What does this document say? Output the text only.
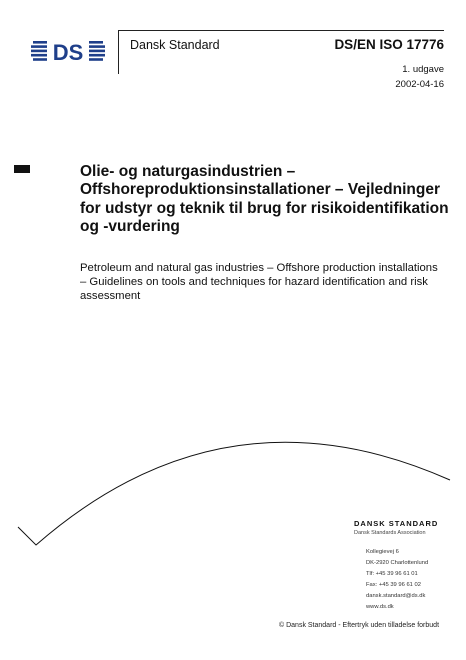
DS	Dansk Standard	DS/EN ISO 17776
1. udgave
2002-04-16
Olie- og naturgasindustrien – Offshoreproduktionsinstallationer – Vejledninger for udstyr og teknik til brug for risikoidentifikation og -vurdering
Petroleum and natural gas industries – Offshore production installations – Guidelines on tools and techniques for hazard identification and risk assessment
DANSK STANDARD
Dansk Standards Association
Kollegievej 6
DK-2920 Charlottenlund
Tlf: +45 39 96 61 01
Fax: +45 39 96 61 02
dansk.standard@ds.dk
www.ds.dk
© Dansk Standard - Eftertryk uden tilladelse forbudt
